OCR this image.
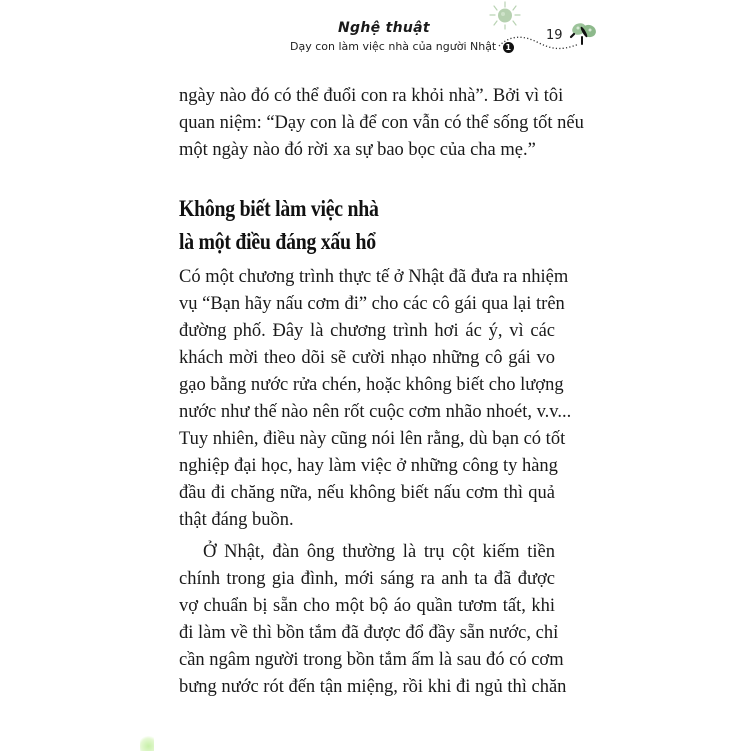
Nghệ thuật
Dạy con làm việc nhà của người Nhật 1
19
ngày nào đó có thể đuổi con ra khỏi nhà”. Bởi vì tôi
quan niệm: “Dạy con là để con vẫn có thể sống tốt nếu
một ngày nào đó rời xa sự bao bọc của cha mẹ.”
Không biết làm việc nhà
là một điều đáng xấu hổ
Có một chương trình thực tế ở Nhật đã đưa ra nhiệm
vụ “Bạn hãy nấu cơm đi” cho các cô gái qua lại trên
đường phố. Đây là chương trình hơi ác ý, vì các
khách mời theo dõi sẽ cười nhạo những cô gái vo
gạo bằng nước rửa chén, hoặc không biết cho lượng
nước như thế nào nên rốt cuộc cơm nhão nhoét, v.v...
Tuy nhiên, điều này cũng nói lên rằng, dù bạn có tốt
nghiệp đại học, hay làm việc ở những công ty hàng
đầu đi chăng nữa, nếu không biết nấu cơm thì quả
thật đáng buồn.
Ở Nhật, đàn ông thường là trụ cột kiếm tiền
chính trong gia đình, mới sáng ra anh ta đã được
vợ chuẩn bị sẵn cho một bộ áo quần tươm tất, khi
đi làm về thì bồn tắm đã được đổ đầy sẵn nước, chỉ
cần ngâm người trong bồn tắm ấm là sau đó có cơm
bưng nước rót đến tận miệng, rồi khi đi ngủ thì chăn
